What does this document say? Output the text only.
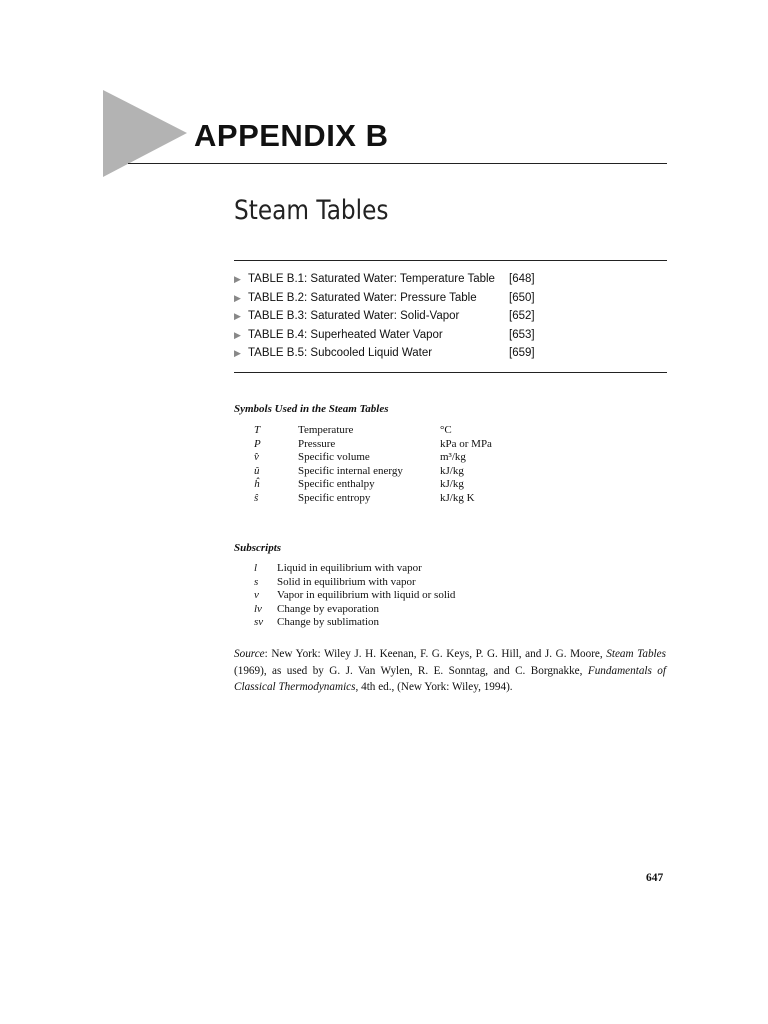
APPENDIX B
Steam Tables
▶ TABLE B.1: Saturated Water: Temperature Table [648]
▶ TABLE B.2: Saturated Water: Pressure Table	[650]
▶ TABLE B.3: Saturated Water: Solid-Vapor	[652]
▶ TABLE B.4: Superheated Water Vapor	[653]
▶ TABLE B.5: Subcooled Liquid Water	[659]
Symbols Used in the Steam Tables
T	Temperature	°C
P	Pressure	kPa or MPa
v̂	Specific volume	m³/kg
û	Specific internal energy	kJ/kg
ĥ	Specific enthalpy	kJ/kg
ŝ	Specific entropy	kJ/kg K
Subscripts
l Liquid in equilibrium with vapor
s Solid in equilibrium with vapor
v Vapor in equilibrium with liquid or solid
lv Change by evaporation
sv Change by sublimation
Source: New York: Wiley J. H. Keenan, F. G. Keys, P. G. Hill, and J. G. Moore, Steam Tables (1969), as used by G. J. Van Wylen, R. E. Sonntag, and C. Borgnakke, Fundamentals of Classical Thermodynamics, 4th ed., (New York: Wiley, 1994).
647
